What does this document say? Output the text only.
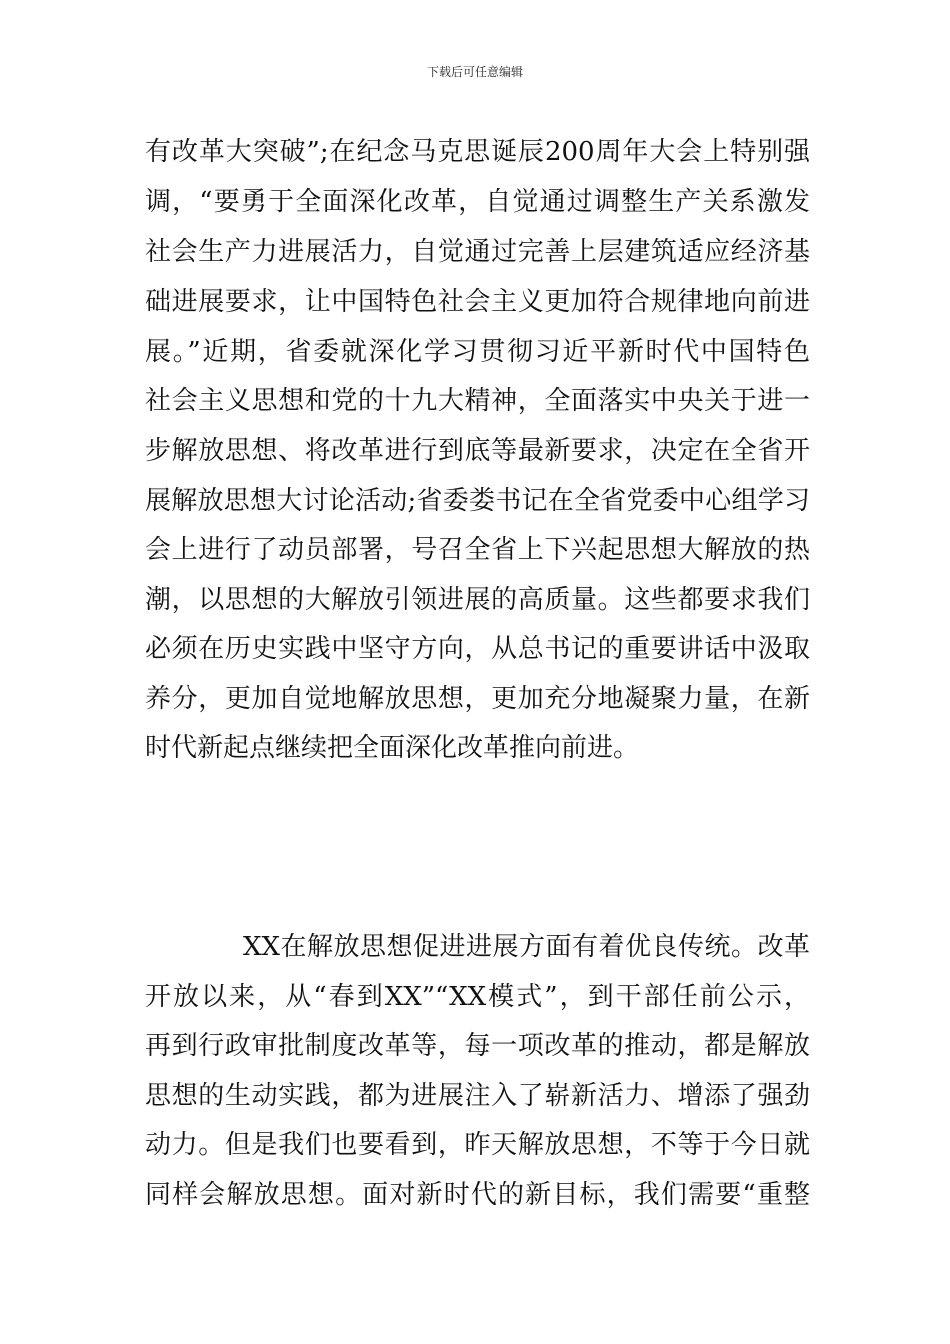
下载后可任意编辑
有改革大突破”;在纪念马克思诞辰200周年大会上特别强
调，“要勇于全面深化改革，自觉通过调整生产关系激发
社会生产力进展活力，自觉通过完善上层建筑适应经济基
础进展要求，让中国特色社会主义更加符合规律地向前进
展。”近期，省委就深化学习贯彻习近平新时代中国特色
社会主义思想和党的十九大精神，全面落实中央关于进一
步解放思想、将改革进行到底等最新要求，决定在全省开
展解放思想大讨论活动;省委娄书记在全省党委中心组学习
会上进行了动员部署，号召全省上下兴起思想大解放的热
潮，以思想的大解放引领进展的高质量。这些都要求我们
必须在历史实践中坚守方向，从总书记的重要讲话中汲取
养分，更加自觉地解放思想，更加充分地凝聚力量，在新
时代新起点继续把全面深化改革推向前进。
XX在解放思想促进进展方面有着优良传统。改革
开放以来，从“春到XX”“XX模式”，到干部任前公示，
再到行政审批制度改革等，每一项改革的推动，都是解放
思想的生动实践，都为进展注入了崭新活力、增添了强劲
动力。但是我们也要看到，昨天解放思想，不等于今日就
同样会解放思想。面对新时代的新目标，我们需要“重整
